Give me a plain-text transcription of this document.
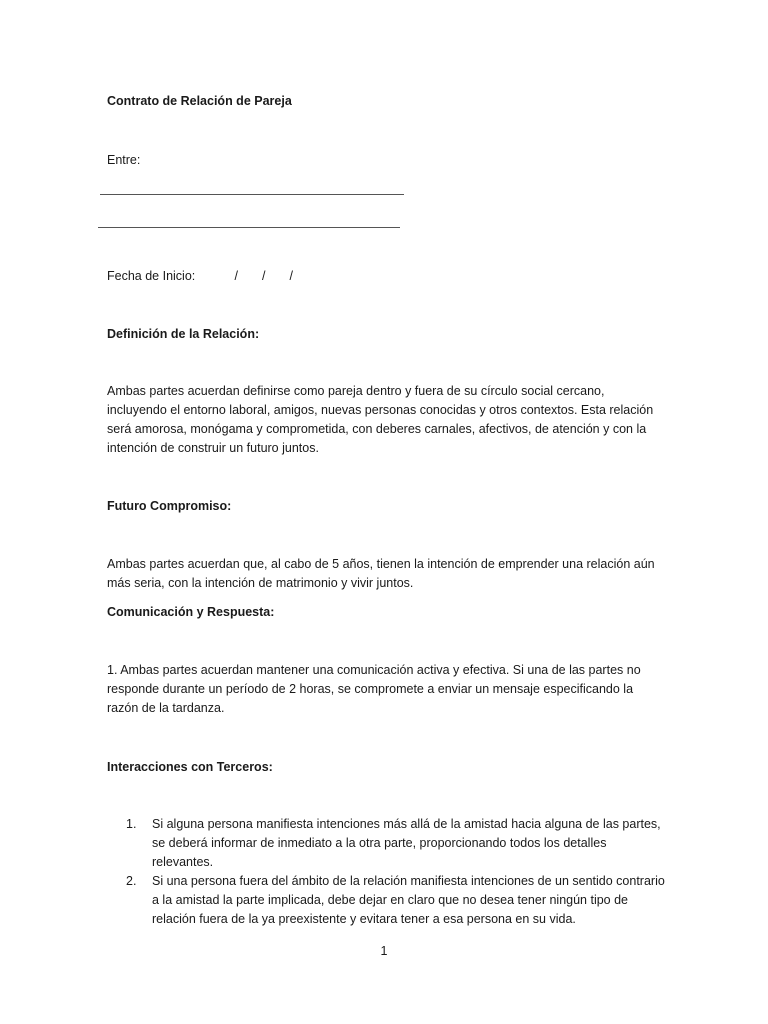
Contrato de Relación de Pareja

Entre:

Fecha de Inicio:	/ / /

Definición de la Relación:

Ambas partes acuerdan definirse como pareja dentro y fuera de su círculo social cercano, incluyendo el entorno laboral, amigos, nuevas personas conocidas y otros contextos. Esta relación será amorosa, monógama y comprometida, con deberes carnales, afectivos, de atención y con la intención de construir un futuro juntos.

Futuro Compromiso:

Ambas partes acuerdan que, al cabo de 5 años, tienen la intención de emprender una relación aún más seria, con la intención de matrimonio y vivir juntos.

Comunicación y Respuesta:

1. Ambas partes acuerdan mantener una comunicación activa y efectiva. Si una de las partes no responde durante un período de 2 horas, se compromete a enviar un mensaje especificando la razón de la tardanza.

Interacciones con Terceros:

1. Si alguna persona manifiesta intenciones más allá de la amistad hacia alguna de las partes, se deberá informar de inmediato a la otra parte, proporcionando todos los detalles relevantes.
2. Si una persona fuera del ámbito de la relación manifiesta intenciones de un sentido contrario a la amistad la parte implicada, debe dejar en claro que no desea tener ningún tipo de relación fuera de la ya preexistente y evitara tener a esa persona en su vida.
1
